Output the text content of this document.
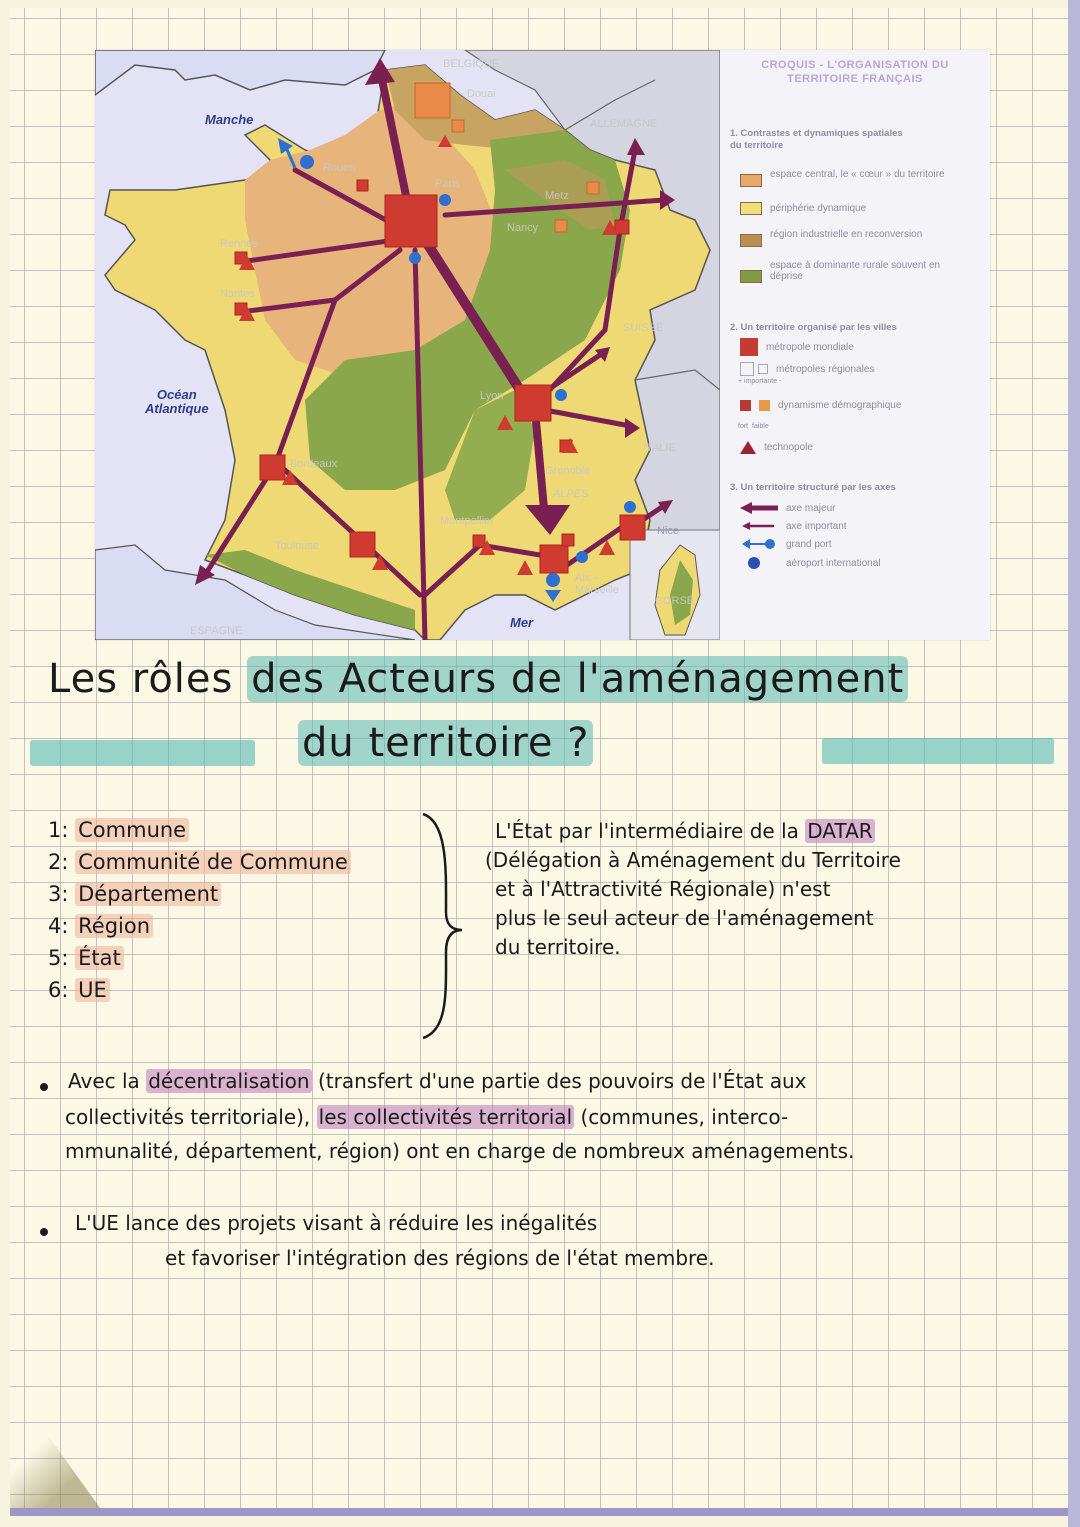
Manche
Océan
Atlantique
Mer
BELGIQUE
ALLEMAGNE
SUISSE
ITALIE
ESPAGNE
CORSE
Douai
Rouen
Paris
Metz
Nancy
Rennes
Nantes
Lyon
Grenoble
ALPES
Bordeaux
Toulouse
Montpellier
Aix -
Marseille
Nice
CROQUIS - L'ORGANISATION DU
TERRITOIRE FRANÇAIS
1. Contrastes et dynamiques spatiales
du territoire
espace central, le « cœur » du territoire
périphérie dynamique
région industrielle en reconversion
espace à dominante rurale souvent en déprise
2. Un territoire organisé par les villes
métropole mondiale
métropoles régionales
+ importante -
dynamisme démographique
fort faible
technopole
3. Un territoire structuré par les axes
axe majeur
axe important
grand port
aéroport international
Les rôles des Acteurs de l'aménagement
du territoire ?
1: Commune
2: Communité de Commune
3: Département
4: Région
5: État
6: UE
L'État par l'intermédiaire de la DATAR
(Délégation à Aménagement du Territoire
et à l'Attractivité Régionale) n'est
plus le seul acteur de l'aménagement
du territoire.
Avec la décentralisation (transfert d'une partie des pouvoirs de l'État aux
collectivités territoriale), les collectivités territorial (communes, interco-
mmunalité, département, région) ont en charge de nombreux aménagements.
L'UE lance des projets visant à réduire les inégalités
et favoriser l'intégration des régions de l'état membre.
